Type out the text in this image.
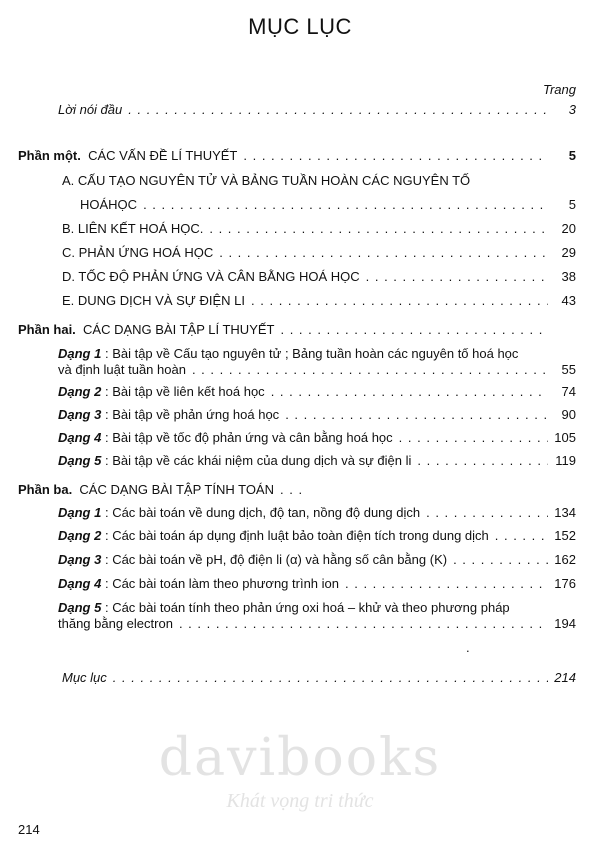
MỤC LỤC
Trang
Lời nói đầu . . .	3
Phần một. CÁC VẤN ĐỀ LÍ THUYẾT . . .	5
A. CẤU TẠO NGUYÊN TỬ VÀ BẢNG TUẦN HOÀN CÁC NGUYÊN TỐ
HOÁHỌC . . .	5
B. LIÊN KẾT HOÁ HỌC. . . .	20
C. PHẢN ỨNG HOÁ HỌC . . .	29
D. TỐC ĐỘ PHẢN ỨNG VÀ CÂN BẰNG HOÁ HỌC . . .	38
E. DUNG DỊCH VÀ SỰ ĐIỆN LI . . .	43
Phần hai. CÁC DẠNG BÀI TẬP LÍ THUYẾT
. . .
Dạng 1 : Bài tập về Cấu tạo nguyên tử ; Bảng tuần hoàn các nguyên tố hoá học
và định luật tuần hoàn . . .	55
Dạng 2 : Bài tập về liên kết hoá học . . .	74
Dạng 3 : Bài tập về phản ứng hoá học . . .	90
Dạng 4 : Bài tập về tốc độ phản ứng và cân bằng hoá học . . .	105
Dạng 5 : Bài tập về các khái niệm của dung dịch và sự điện li . . .	119
Phần ba. CÁC DẠNG BÀI TẬP TÍNH TOÁN
. . .
Dạng 1 : Các bài toán về dung dịch, độ tan, nồng độ dung dịch . . .	134
Dạng 2 : Các bài toán áp dụng định luật bảo toàn điện tích trong dung dịch . . .	152
Dạng 3 : Các bài toán về pH, độ điện li (α) và hằng số cân bằng (K) . . .	162
Dạng 4 : Các bài toán làm theo phương trình ion . . .	176
Dạng 5 : Các bài toán tính theo phản ứng oxi hoá – khử và theo phương pháp
thăng bằng electron . . .	194
.
Mục lục . . .	214
davibooks
Khát vọng tri thức
214
